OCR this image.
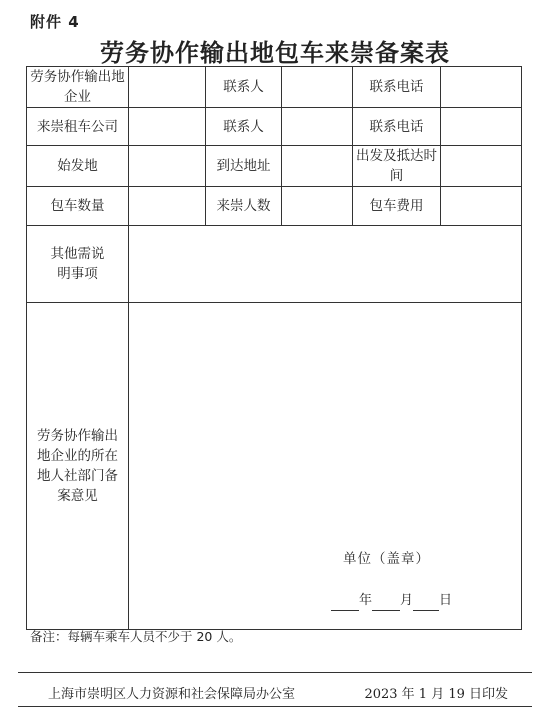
附件 4
劳务协作输出地包车来崇备案表
劳务协作输出地企业		联系人		联系电话	
来崇租车公司		联系人		联系电话	
始发地		到达地址		出发及抵达时间	
包车数量		来崇人数		包车费用	
其他需说明事项					
劳务协作输出地企业的所在地人社部门备案意见	单位（盖章）
年 月 日				
备注：每辆车乘车人员不少于 20 人。
上海市崇明区人力资源和社会保障局办公室	2023 年 1 月 19 日印发
